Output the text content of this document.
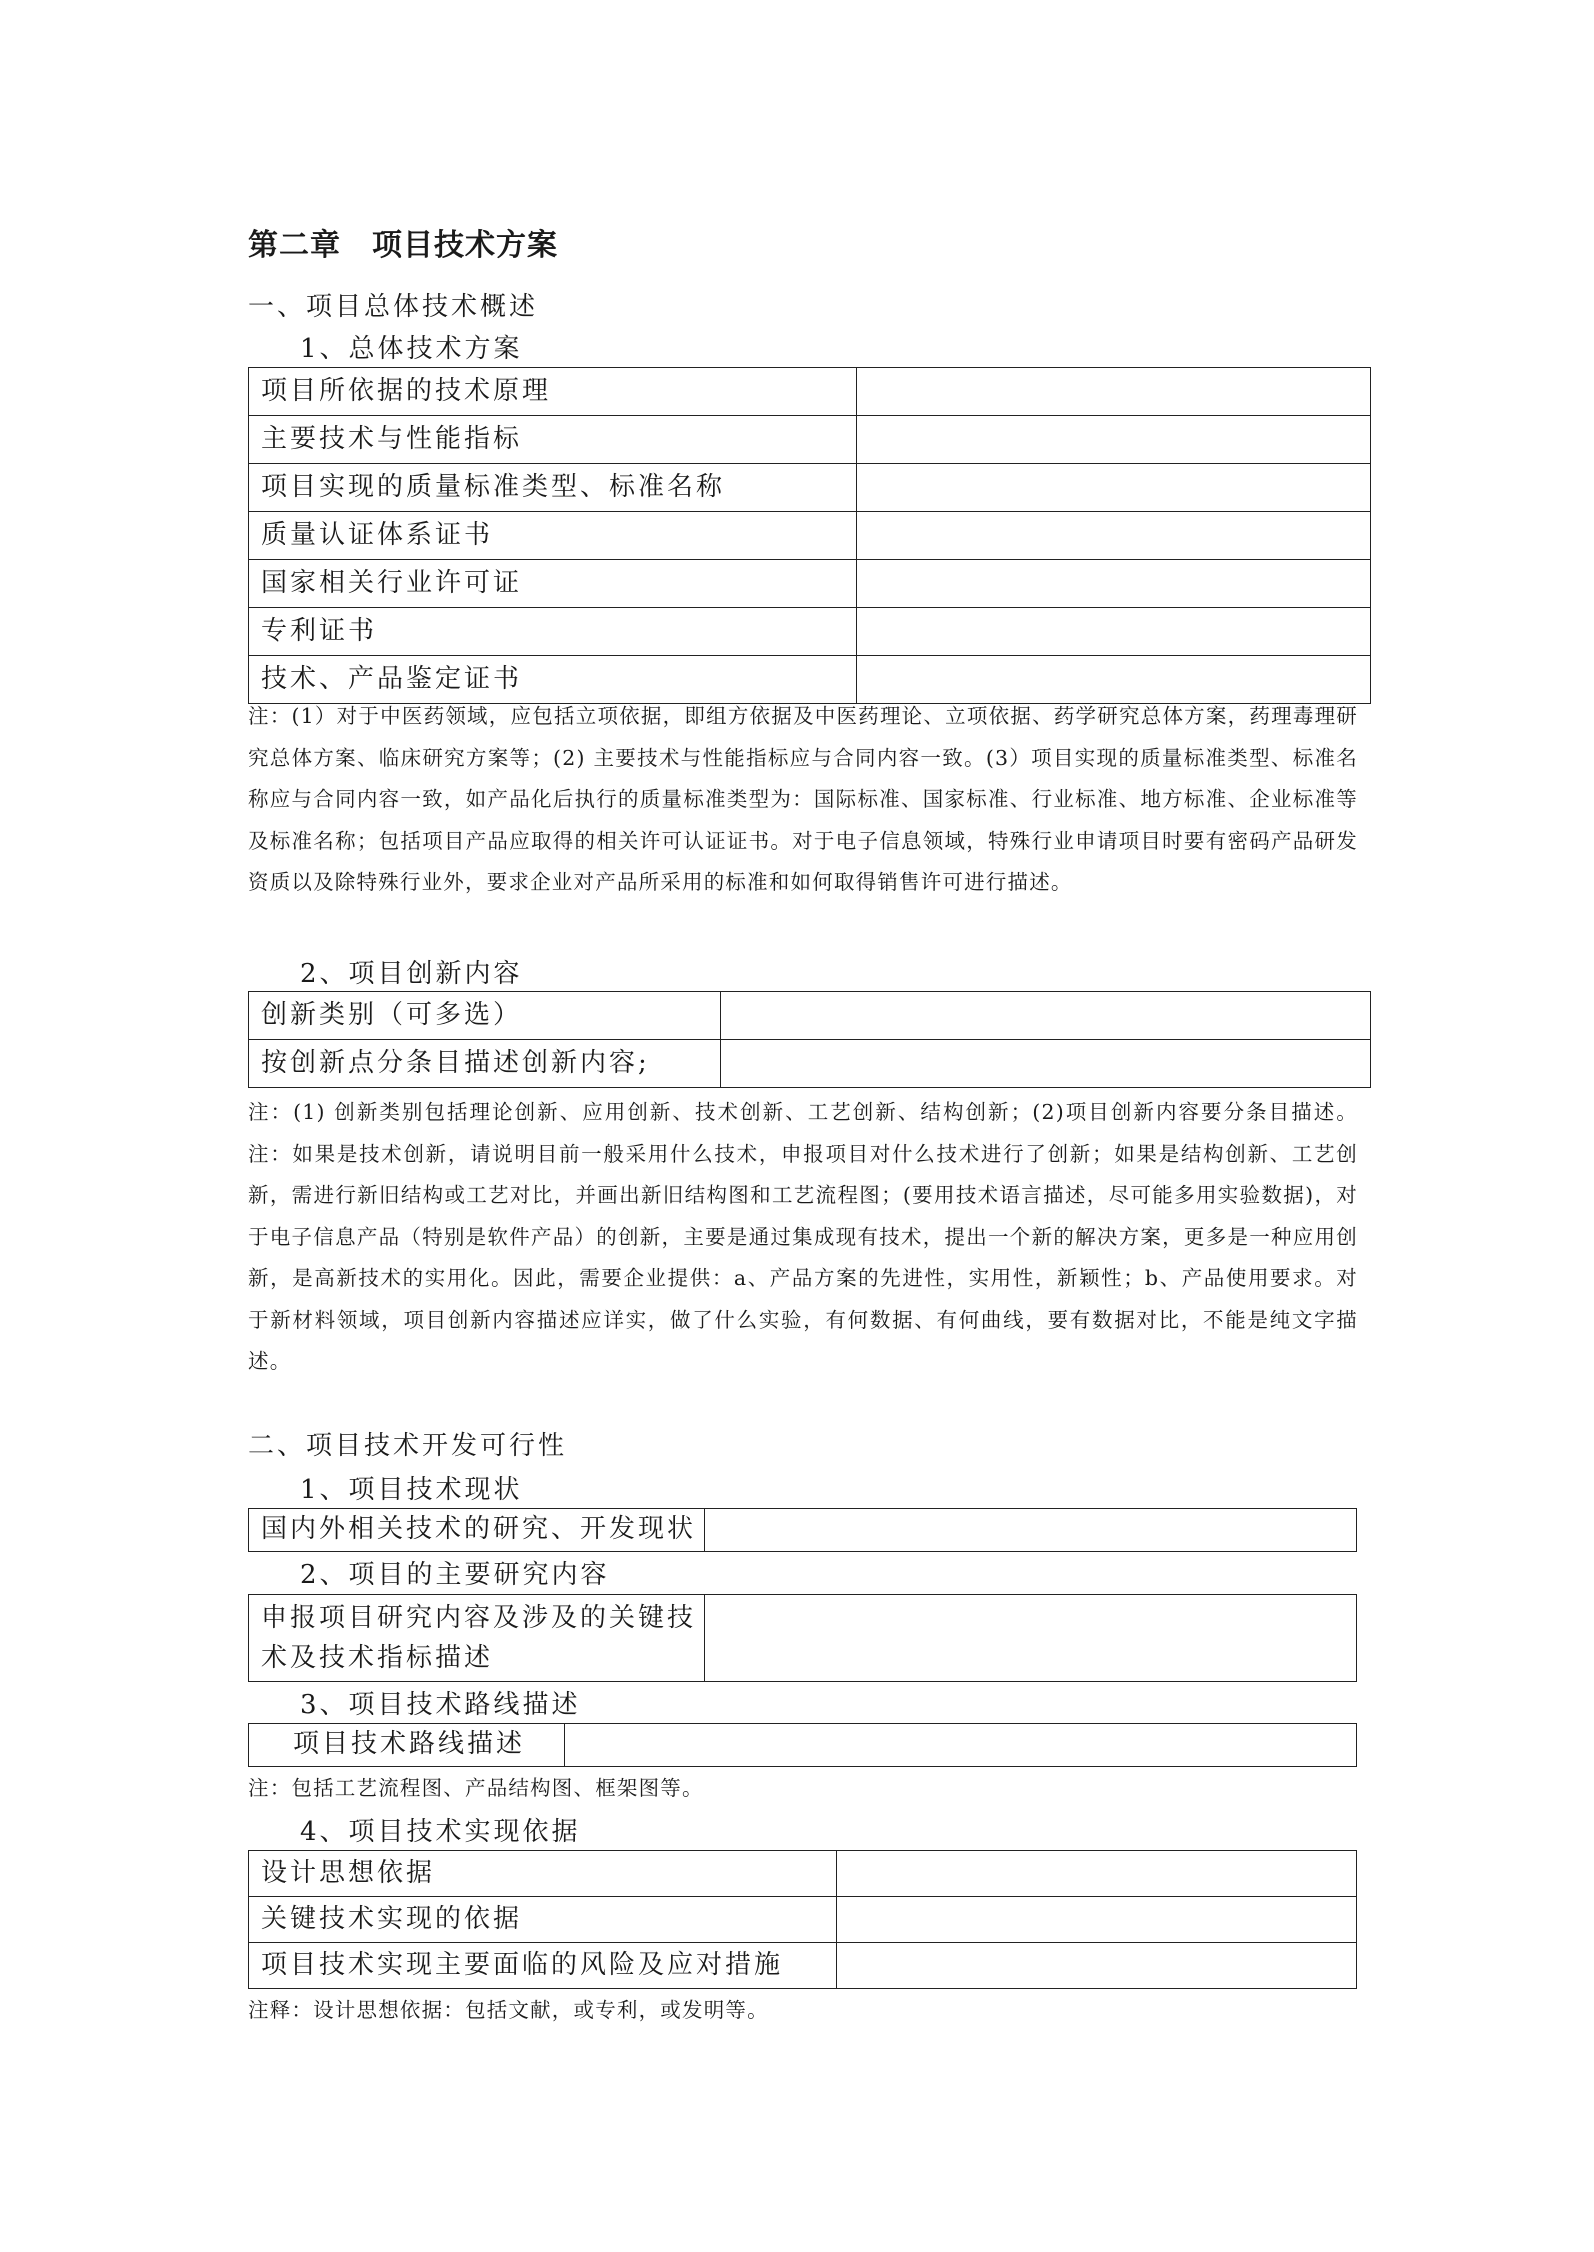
第二章　项目技术方案
一、项目总体技术概述
1、总体技术方案
项目所依据的技术原理	
主要技术与性能指标	
项目实现的质量标准类型、标准名称	
质量认证体系证书	
国家相关行业许可证	
专利证书	
技术、产品鉴定证书	
注：(1）对于中医药领域，应包括立项依据，即组方依据及中医药理论、立项依据、药学研究总体方案，药理毒理研究总体方案、临床研究方案等；(2) 主要技术与性能指标应与合同内容一致。(3）项目实现的质量标准类型、标准名称应与合同内容一致，如产品化后执行的质量标准类型为：国际标准、国家标准、行业标准、地方标准、企业标准等及标准名称；包括项目产品应取得的相关许可认证证书。对于电子信息领域，特殊行业申请项目时要有密码产品研发资质以及除特殊行业外，要求企业对产品所采用的标准和如何取得销售许可进行描述。
2、项目创新内容
创新类别（可多选）	
按创新点分条目描述创新内容;	
注：(1) 创新类别包括理论创新、应用创新、技术创新、工艺创新、结构创新；(2)项目创新内容要分条目描述。注：如果是技术创新，请说明目前一般采用什么技术，申报项目对什么技术进行了创新；如果是结构创新、工艺创新，需进行新旧结构或工艺对比，并画出新旧结构图和工艺流程图；(要用技术语言描述，尽可能多用实验数据)，对于电子信息产品（特别是软件产品）的创新，主要是通过集成现有技术，提出一个新的解决方案，更多是一种应用创新，是高新技术的实用化。因此，需要企业提供：a、产品方案的先进性，实用性，新颖性；b、产品使用要求。对于新材料领域，项目创新内容描述应详实，做了什么实验，有何数据、有何曲线，要有数据对比，不能是纯文字描述。
二、项目技术开发可行性
1、项目技术现状
国内外相关技术的研究、开发现状	
2、项目的主要研究内容
申报项目研究内容及涉及的关键技术及技术指标描述	
3、项目技术路线描述
项目技术路线描述	
注：包括工艺流程图、产品结构图、框架图等。
4、项目技术实现依据
设计思想依据	
关键技术实现的依据	
项目技术实现主要面临的风险及应对措施	
注释：设计思想依据：包括文献，或专利，或发明等。
